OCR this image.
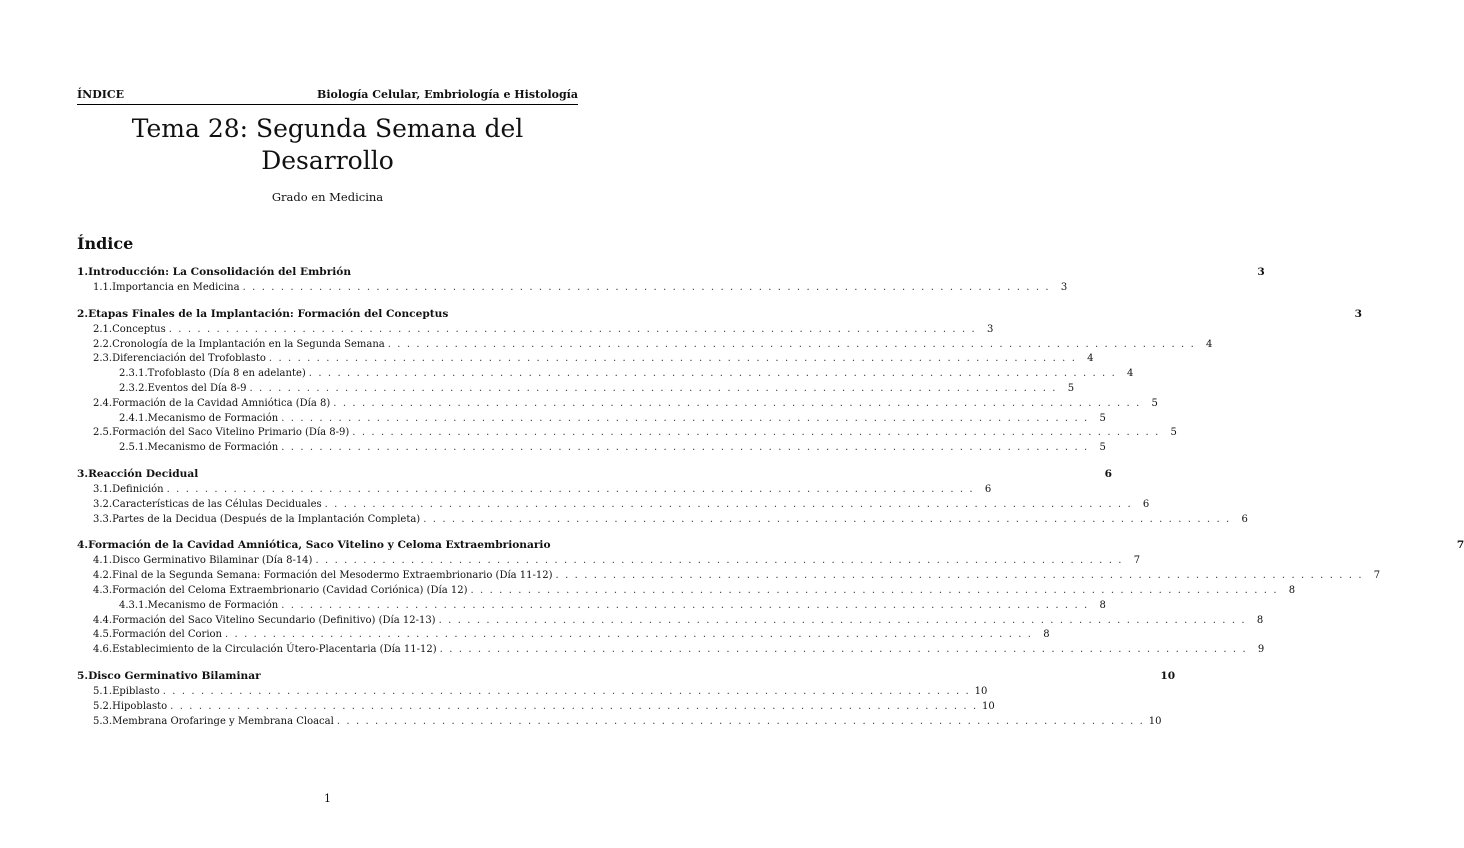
ÍNDICE	Biología Celular, Embriología e Histología
Tema 28: Segunda Semana del
Desarrollo
Grado en Medicina
Índice
1. Introducción: La Consolidación del Embrión	3
1.1. Importancia en Medicina . . .	3
2. Etapas Finales de la Implantación: Formación del Conceptus	3
2.1. Conceptus . . .	3
2.2. Cronología de la Implantación en la Segunda Semana . . .	4
2.3. Diferenciación del Trofoblasto . . .	4
2.3.1. Trofoblasto (Día 8 en adelante) . . .	4
2.3.2. Eventos del Día 8-9 . . .	5
2.4. Formación de la Cavidad Amniótica (Día 8) . . .	5
2.4.1. Mecanismo de Formación . . .	5
2.5. Formación del Saco Vitelino Primario (Día 8-9) . . .	5
2.5.1. Mecanismo de Formación . . .	5
3. Reacción Decidual	6
3.1. Definición . . .	6
3.2. Características de las Células Deciduales . . .	6
3.3. Partes de la Decidua (Después de la Implantación Completa) . . .	6
4. Formación de la Cavidad Amniótica, Saco Vitelino y Celoma Extraembrionario	7
4.1. Disco Germinativo Bilaminar (Día 8-14) . . .	7
4.2. Final de la Segunda Semana: Formación del Mesodermo Extraembrionario (Día 11-12) . . .	7
4.3. Formación del Celoma Extraembrionario (Cavidad Coriónica) (Día 12) . . .	8
4.3.1. Mecanismo de Formación . . .	8
4.4. Formación del Saco Vitelino Secundario (Definitivo) (Día 12-13) . . .	8
4.5. Formación del Corion . . .	8
4.6. Establecimiento de la Circulación Útero-Placentaria (Día 11-12) . . .	9
5. Disco Germinativo Bilaminar	10
5.1. Epiblasto . . .	10
5.2. Hipoblasto . . .	10
5.3. Membrana Orofaringe y Membrana Cloacal . . .	10
1
